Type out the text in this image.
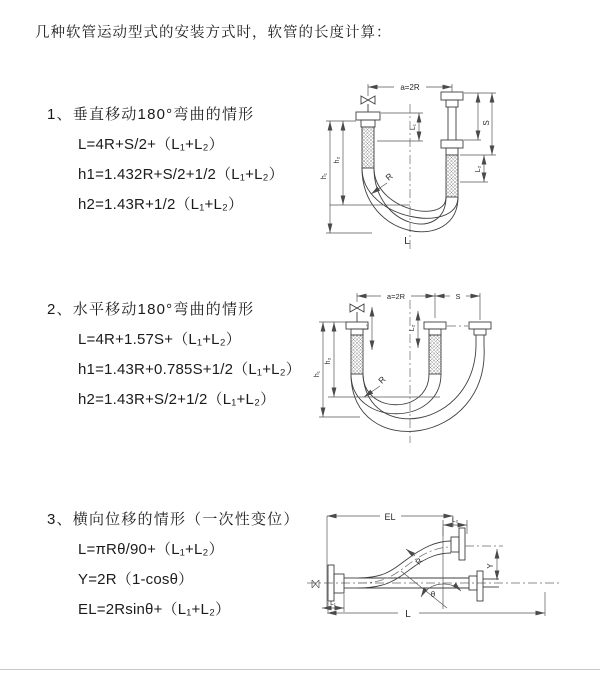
几种软管运动型式的安装方式时，软管的长度计算：
1、垂直移动180°弯曲的情形
L=4R+S/2+（L₁+L₂）
h1=1.432R+S/2+1/2（L₁+L₂）
h2=1.43R+1/2（L₁+L₂）
2、水平移动180°弯曲的情形
L=4R+1.57S+（L₁+L₂）
h1=1.43R+0.785S+1/2（L₁+L₂）
h2=1.43R+S/2+1/2（L₁+L₂）
3、横向位移的情形（一次性变位）
L=πRθ/90+（L₁+L₂）
Y=2R（1-cosθ）
EL=2Rsinθ+（L₁+L₂）
R
a=2R
L₁
S
L₂
h₂
h₁
L
a=2R	S
R
L₁	L₂
h₂
h₁
EL	L₂
Y
R
θ
L₁
L
